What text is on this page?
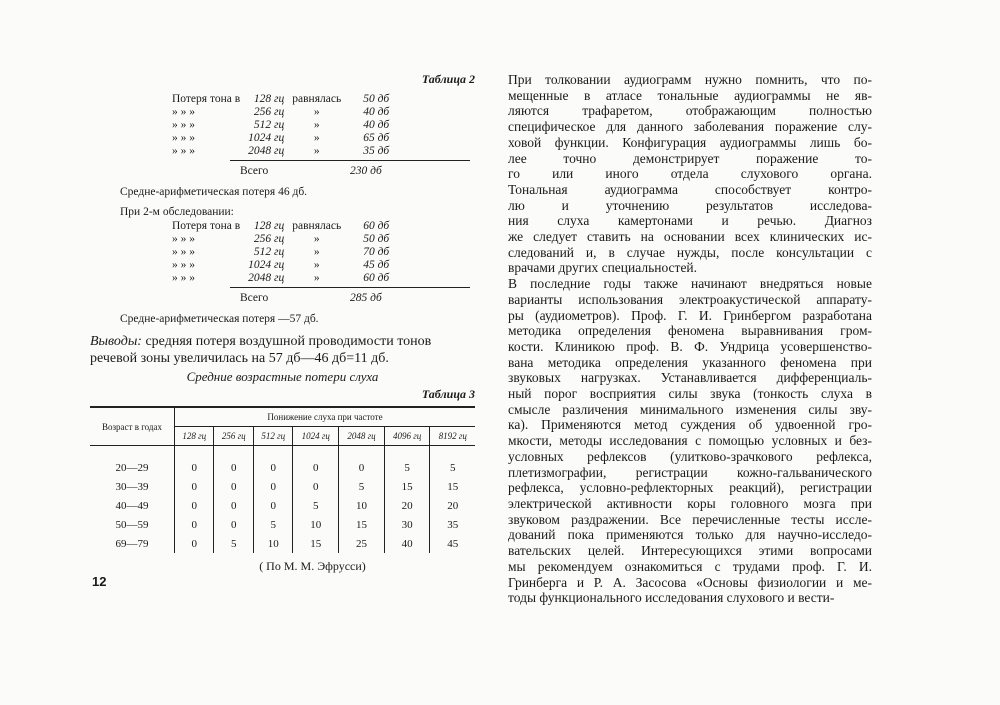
Таблица 2
Потеря тона в	128 гц	равнялась	50 дб
» » »	256 гц	»	40 дб
» » »	512 гц	»	40 дб
» » »	1024 гц	»	65 дб
» » »	2048 гц	»	35 дб
Всего	230 дб
Средне-арифметическая потеря 46 дб.
При 2-м обследовании:
Потеря тона в	128 гц	равнялась	60 дб
» » »	256 гц	»	50 дб
» » »	512 гц	»	70 дб
» » »	1024 гц	»	45 дб
» » »	2048 гц	»	60 дб
Всего	285 дб
Средне-арифметическая потеря —57 дб.
Выводы: средняя потеря воздушной проводимости тонов речевой зоны увеличилась на 57 дб—46 дб=11 дб.
Средние возрастные потери слуха
Таблица 3
Возраст в годах	Понижение слуха при частоте						
	128 гц	256 гц	512 гц	1024 гц	2048 гц	4096 гц	8192 гц
20—29	0	0	0	0	0	5	5
30—39	0	0	0	0	5	15	15
40—49	0	0	0	5	10	20	20
50—59	0	0	5	10	15	30	35
69—79	0	5	10	15	25	40	45
( По М. М. Эфрусси)
12

При толковании аудиограмм нужно помнить, что по-
мещенные в атласе тональные аудиограммы не яв-
ляются трафаретом, отображающим полностью
специфическое для данного заболевания поражение слу-
ховой функции. Конфигурация аудиограммы лишь бо-
лее точно демонстрирует поражение то-
го или иного отдела слухового органа.
Тональная аудиограмма способствует контро-
лю и уточнению результатов исследова-
ния слуха камертонами и речью. Диагноз
же следует ставить на основании всех клинических ис-
следований и, в случае нужды, после консультации с
врачами других специальностей.

В последние годы также начинают внедряться новые
варианты использования электроакустической аппарату-
ры (аудиометров). Проф. Г. И. Гринбергом разработана
методика определения феномена выравнивания гром-
кости. Клиникою проф. В. Ф. Ундрица усовершенство-
вана методика определения указанного феномена при
звуковых нагрузках. Устанавливается дифференциаль-
ный порог восприятия силы звука (тонкость слуха в
смысле различения минимального изменения силы зву-
ка). Применяются метод суждения об удвоенной гро-
мкости, методы исследования с помощью условных и без-
условных рефлексов (улитково-зрачкового рефлекса,
плетизмографии, регистрации кожно-гальванического
рефлекса, условно-рефлекторных реакций), регистрации
электрической активности коры головного мозга при
звуковом раздражении. Все перечисленные тесты иссле-
дований пока применяются только для научно-исследо-
вательских целей. Интересующихся этими вопросами
мы рекомендуем ознакомиться с трудами проф. Г. И.
Гринберга и Р. А. Засосова «Основы физиологии и ме-
тоды функционального исследования слухового и вести-
